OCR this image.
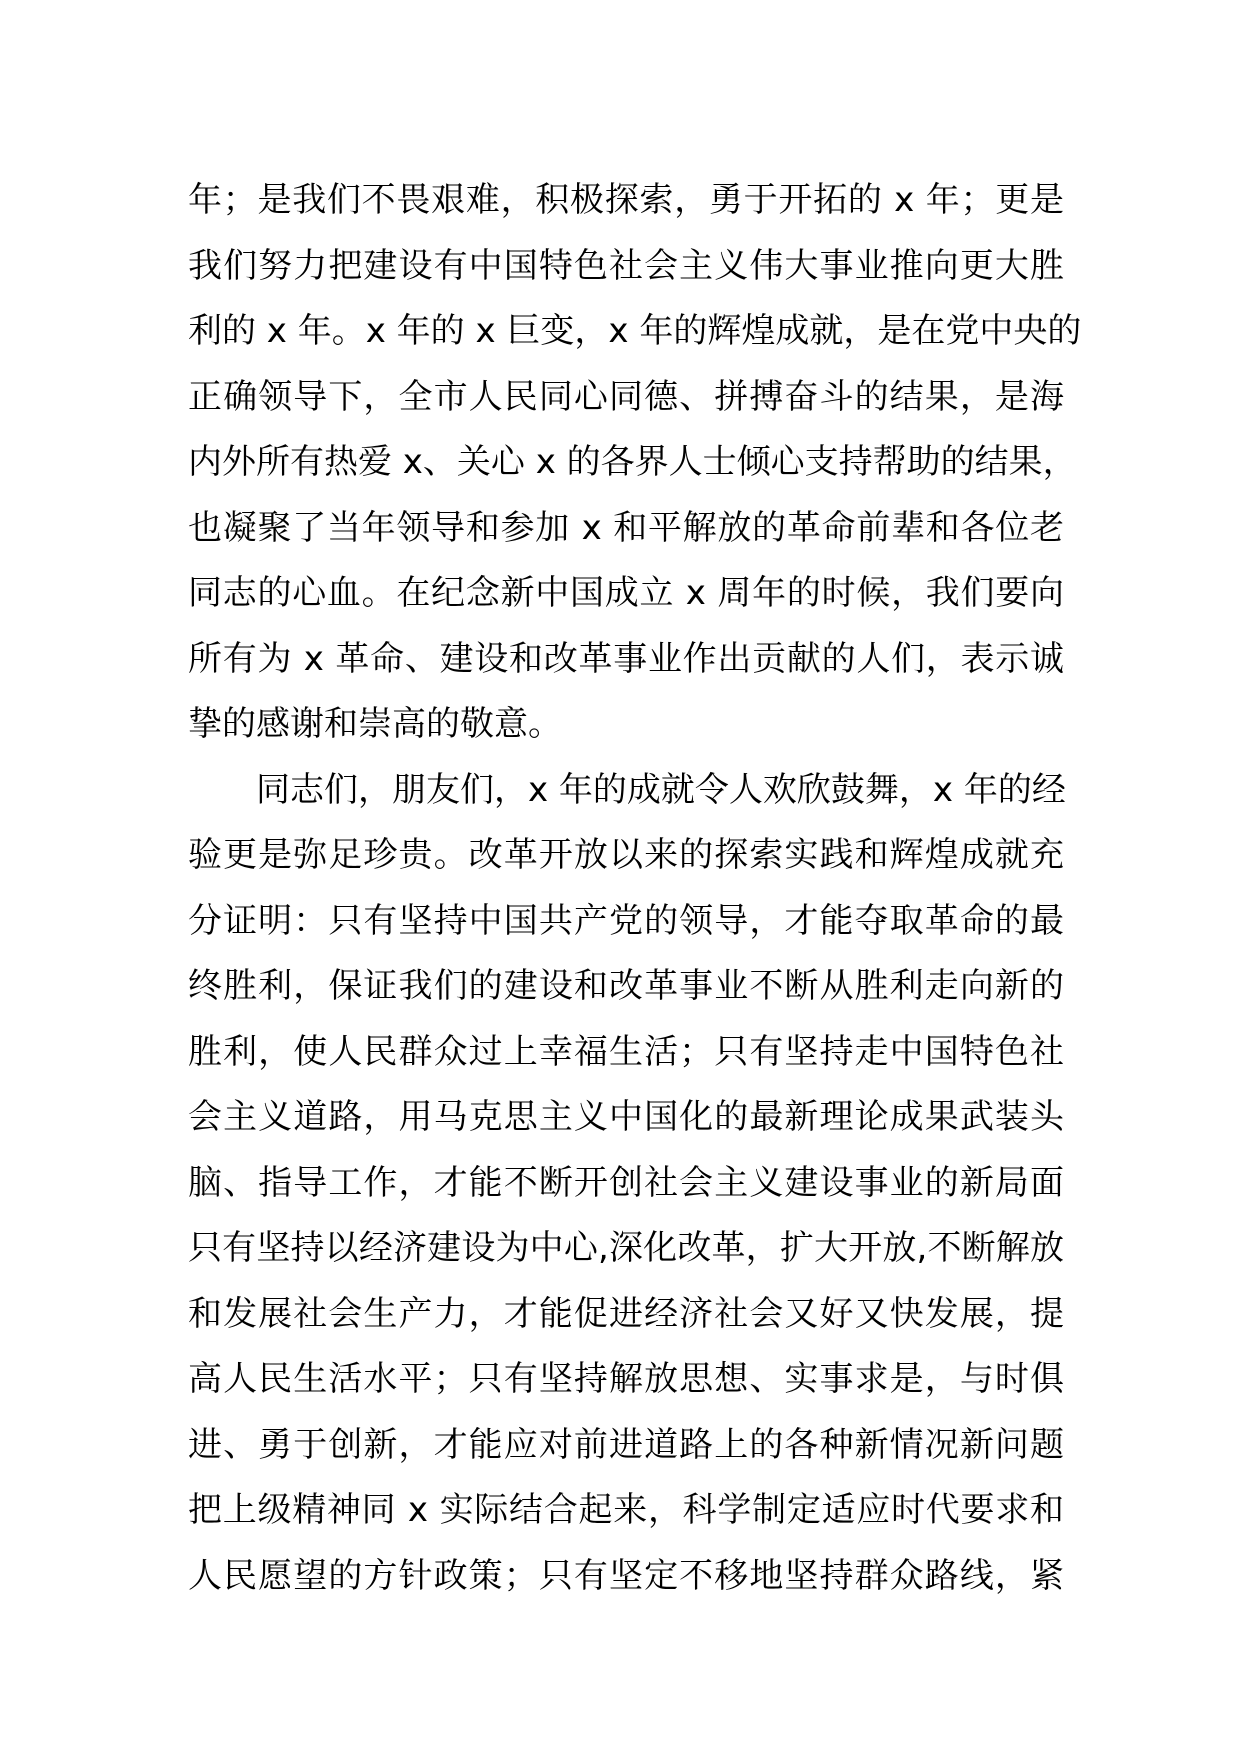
年；是我们不畏艰难，积极探索，勇于开拓的 x 年；更是
我们努力把建设有中国特色社会主义伟大事业推向更大胜
利的 x 年。x 年的 x 巨变，x 年的辉煌成就，是在党中央的
正确领导下，全市人民同心同德、拼搏奋斗的结果，是海
内外所有热爱 x、关心 x 的各界人士倾心支持帮助的结果，
也凝聚了当年领导和参加 x 和平解放的革命前辈和各位老
同志的心血。在纪念新中国成立 x 周年的时候，我们要向
所有为 x 革命、建设和改革事业作出贡献的人们，表示诚
挚的感谢和崇高的敬意。
同志们，朋友们，x 年的成就令人欢欣鼓舞，x 年的经
验更是弥足珍贵。改革开放以来的探索实践和辉煌成就充
分证明：只有坚持中国共产党的领导，才能夺取革命的最
终胜利，保证我们的建设和改革事业不断从胜利走向新的
胜利，使人民群众过上幸福生活；只有坚持走中国特色社
会主义道路，用马克思主义中国化的最新理论成果武装头
脑、指导工作，才能不断开创社会主义建设事业的新局面
只有坚持以经济建设为中心,深化改革，扩大开放,不断解放
和发展社会生产力，才能促进经济社会又好又快发展，提
高人民生活水平；只有坚持解放思想、实事求是，与时俱
进、勇于创新，才能应对前进道路上的各种新情况新问题
把上级精神同 x 实际结合起来，科学制定适应时代要求和
人民愿望的方针政策；只有坚定不移地坚持群众路线，紧
